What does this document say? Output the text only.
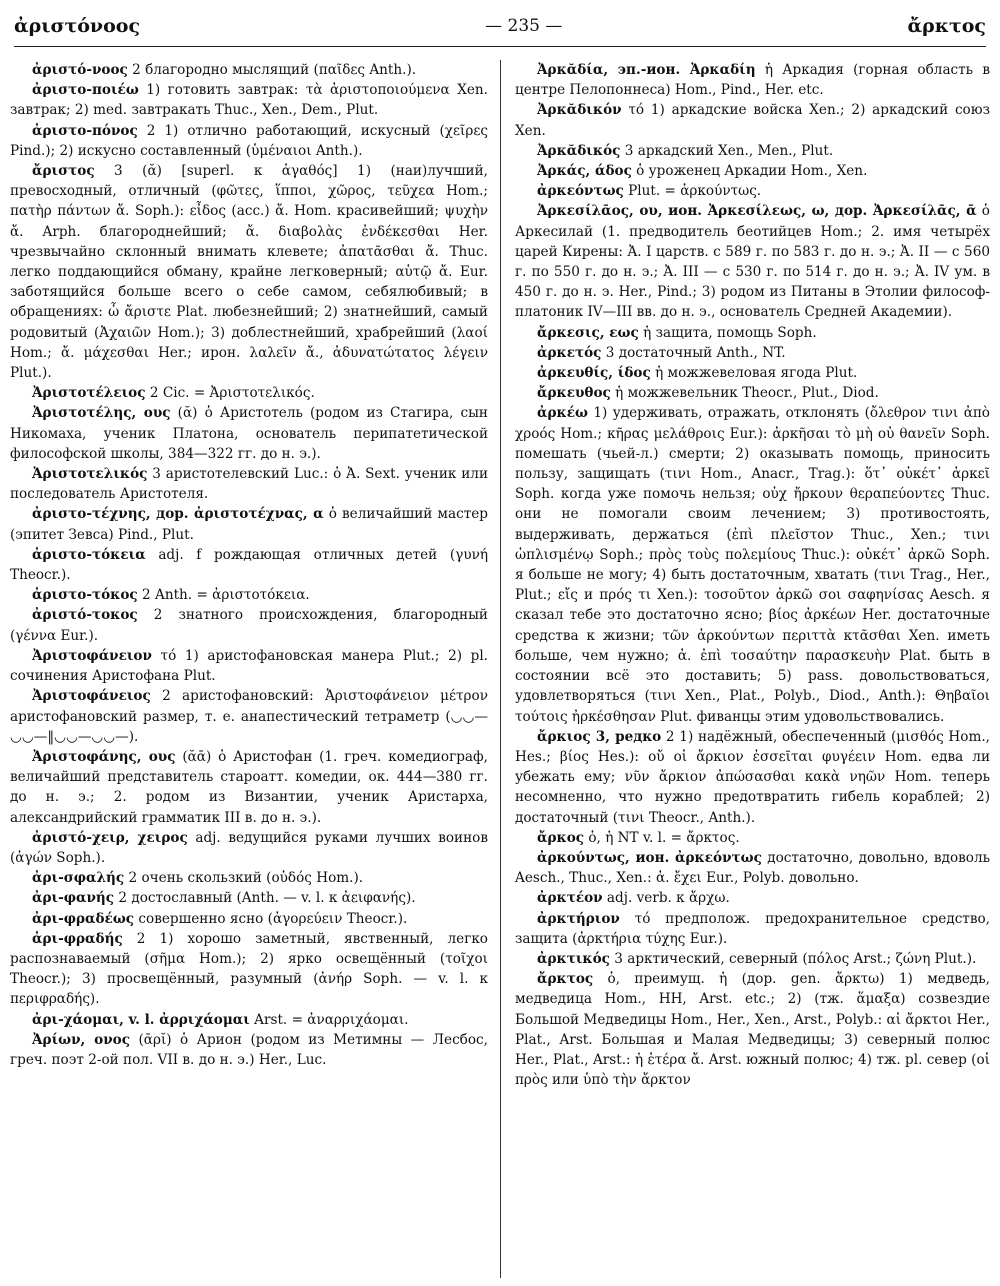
ἀριστόνοος	— 235 —	ἄρκτος

ἀριστό-νοος 2 благородно мыслящий (παῖδες Anth.).

ἀριστο-ποιέω 1) готовить завтрак: τὰ ἀριστοποιούμενα Xen. завтрак; 2) med. завтракать Thuc., Xen., Dem., Plut.

ἀριστο-πόνος 2 1) отлично работающий, искусный (χεῖρες Pind.); 2) искусно составленный (ὑμέναιοι Anth.).

ἄριστος 3 (ᾰ) [superl. к ἀγαθός] 1) (наи)лучший, превосходный, отличный (φῶτες, ἵπποι, χῶρος, τεῦχεα Hom.; πατὴρ πάντων ἄ. Soph.): εἶδος (acc.) ἄ. Hom. красивейший; ψυχὴν ἄ. Arph. благороднейший; ἄ. διαβολὰς ἐνδέκεσθαι Her. чрезвычайно склонный внимать клевете; ἀπατᾶσθαι ἄ. Thuc. легко поддающийся обману, крайне легковерный; αὑτῷ ἄ. Eur. заботящийся больше всего о себе самом, себялюбивый; в обращениях: ὦ ἄριστε Plat. любезнейший; 2) знатнейший, самый родовитый (Ἀχαιῶν Hom.); 3) доблестнейший, храбрейший (λαοί Hom.; ἄ. μάχεσθαι Her.; ирон. λαλεῖν ἄ., ἀδυνατώτατος λέγειν Plut.).

Ἀριστοτέλειος 2 Cic. = Ἀριστοτελικός.

Ἀριστοτέλης, ους (ᾰ) ὁ Аристотель (родом из Стагира, сын Никомаха, ученик Платона, основатель перипатетической философской школы, 384—322 гг. до н. э.).

Ἀριστοτελικός 3 аристотелевский Luc.: ὁ Ἀ. Sext. ученик или последователь Аристотеля.

ἀριστο-τέχνης, дор. ἀριστοτέχνας, α ὁ величайший мастер (эпитет Зевса) Pind., Plut.

ἀριστο-τόκεια adj. f рождающая отличных детей (γυνή Theocr.).

ἀριστο-τόκος 2 Anth. = ἀριστοτόκεια.

ἀριστό-τοκος 2 знатного происхождения, благородный (γέννα Eur.).

Ἀριστοφάνειον τό 1) аристофановская манера Plut.; 2) pl. сочинения Аристофана Plut.

Ἀριστοφάνειος 2 аристофановский: Ἀριστοφάνειον μέτρον аристофановский размер, т. е. анапестический тетраметр (◡◡—◡◡—‖◡◡—◡◡—).

Ἀριστοφάνης, ους (ᾰᾱ) ὁ Аристофан (1. греч. комедиограф, величайший представитель староатт. комедии, ок. 444—380 гг. до н. э.; 2. родом из Византии, ученик Аристарха, александрийский грамматик III в. до н. э.).

ἀριστό-χειρ, χειρος adj. ведущийся руками лучших воинов (ἀγών Soph.).

ἀρι-σφαλής 2 очень скользкий (οὐδός Hom.).

ἀρι-φανής 2 достославный (Anth. — v. l. к ἀειφανής).

ἀρι-φραδέως совершенно ясно (ἀγορεύειν Theocr.).

ἀρι-φραδής 2 1) хорошо заметный, явственный, легко распознаваемый (σῆμα Hom.); 2) ярко освещённый (τοῖχοι Theocr.); 3) просвещённый, разумный (ἀνήρ Soph. — v. l. к περιφραδής).

ἀρι-χάομαι, v. l. ἀρριχάομαι Arst. = ἀναρριχάομαι.

Ἀρίων, ονος (ᾱρῐ) ὁ Арион (родом из Метимны — Лесбос, греч. поэт 2-ой пол. VII в. до н. э.) Her., Luc.

Ἀρκᾰδία, эп.-ион. Ἀρκαδίη ἡ Аркадия (горная область в центре Пелопоннеса) Hom., Pind., Her. etc.

Ἀρκᾰδικόν τό 1) аркадские войска Xen.; 2) аркадский союз Xen.

Ἀρκᾰδικός 3 аркадский Xen., Men., Plut.

Ἀρκάς, άδος ὁ уроженец Аркадии Hom., Xen.

ἀρκεόντως Plut. = ἀρκούντως.

Ἀρκεσίλᾱος, ου, ион. Ἀρκεσίλεως, ω, дор. Ἀρκεσίλᾱς, ᾱ ὁ Аркесилай (1. предводитель беотийцев Hom.; 2. имя четырёх царей Кирены: Ἀ. I царств. с 589 г. по 583 г. до н. э.; Ἀ. II — с 560 г. по 550 г. до н. э.; Ἀ. III — с 530 г. по 514 г. до н. э.; Ἀ. IV ум. в 450 г. до н. э. Her., Pind.; 3) родом из Питаны в Этолии философ-платоник IV—III вв. до н. э., основатель Средней Академии).

ἄρκεσις, εως ἡ защита, помощь Soph.

ἀρκετός 3 достаточный Anth., NT.

ἀρκευθίς, ίδος ἡ можжевеловая ягода Plut.

ἄρκευθος ἡ можжевельник Theocr., Plut., Diod.

ἀρκέω 1) удерживать, отражать, отклонять (ὄλεθρον τινι ἀπὸ χροός Hom.; κῆρας μελάθροις Eur.): ἀρκῆσαι τὸ μὴ οὐ θανεῖν Soph. помешать (чьей-л.) смерти; 2) оказывать помощь, приносить пользу, защищать (τινι Hom., Anacr., Trag.): ὅτ᾽ οὐκέτ᾽ ἀρκεῖ Soph. когда уже помочь нельзя; οὐχ ἤρκουν θεραπεύοντες Thuc. они не помогали своим лечением; 3) противостоять, выдерживать, держаться (ἐπὶ πλεῖστον Thuc., Xen.; τινι ὡπλισμένῳ Soph.; πρὸς τοὺς πολεμίους Thuc.): οὐκέτ᾽ ἀρκῶ Soph. я больше не могу; 4) быть достаточным, хватать (τινι Trag., Her., Plut.; εἴς и πρός τι Xen.): τοσοῦτον ἀρκῶ σοι σαφηνίσας Aesch. я сказал тебе это достаточно ясно; βίος ἀρκέων Her. достаточные средства к жизни; τῶν ἀρκούντων περιττὰ κτᾶσθαι Xen. иметь больше, чем нужно; ἀ. ἐπὶ τοσαύτην παρασκευὴν Plat. быть в состоянии всё это доставить; 5) pass. довольствоваться, удовлетворяться (τινι Xen., Plat., Polyb., Diod., Anth.): Θηβαῖοι τούτοις ἠρκέσθησαν Plut. фиванцы этим удовольствовались.

ἄρκιος 3, редко 2 1) надёжный, обеспеченный (μισθός Hom., Hes.; βίος Hes.): οὔ οἱ ἄρκιον ἐσσεῖται φυγέειν Hom. едва ли убежать ему; νῦν ἄρκιον ἀπώσασθαι κακὰ νηῶν Hom. теперь несомненно, что нужно предотвратить гибель кораблей; 2) достаточный (τινι Theocr., Anth.).

ἄρκος ὁ, ἡ NT v. l. = ἄρκτος.

ἀρκούντως, ион. ἀρκεόντως достаточно, довольно, вдоволь Aesch., Thuc., Xen.: ἀ. ἔχει Eur., Polyb. довольно.

ἀρκτέον adj. verb. к ἄρχω.

ἀρκτήριον τό предполож. предохранительное средство, защита (ἀρκτήρια τύχης Eur.).

ἀρκτικός 3 арктический, северный (πόλος Arst.; ζώνη Plut.).

ἄρκτος ὁ, преимущ. ἡ (дор. gen. ἄρκτω) 1) медведь, медведица Hom., HH, Arst. etc.; 2) (тж. ἅμαξα) созвездие Большой Медведицы Hom., Her., Xen., Arst., Polyb.: αἱ ἄρκτοι Her., Plat., Arst. Большая и Малая Медведицы; 3) северный полюс Her., Plat., Arst.: ἡ ἑτέρα ἄ. Arst. южный полюс; 4) тж. pl. север (οἱ πρὸς или ὑπὸ τὴν ἄρκτον
